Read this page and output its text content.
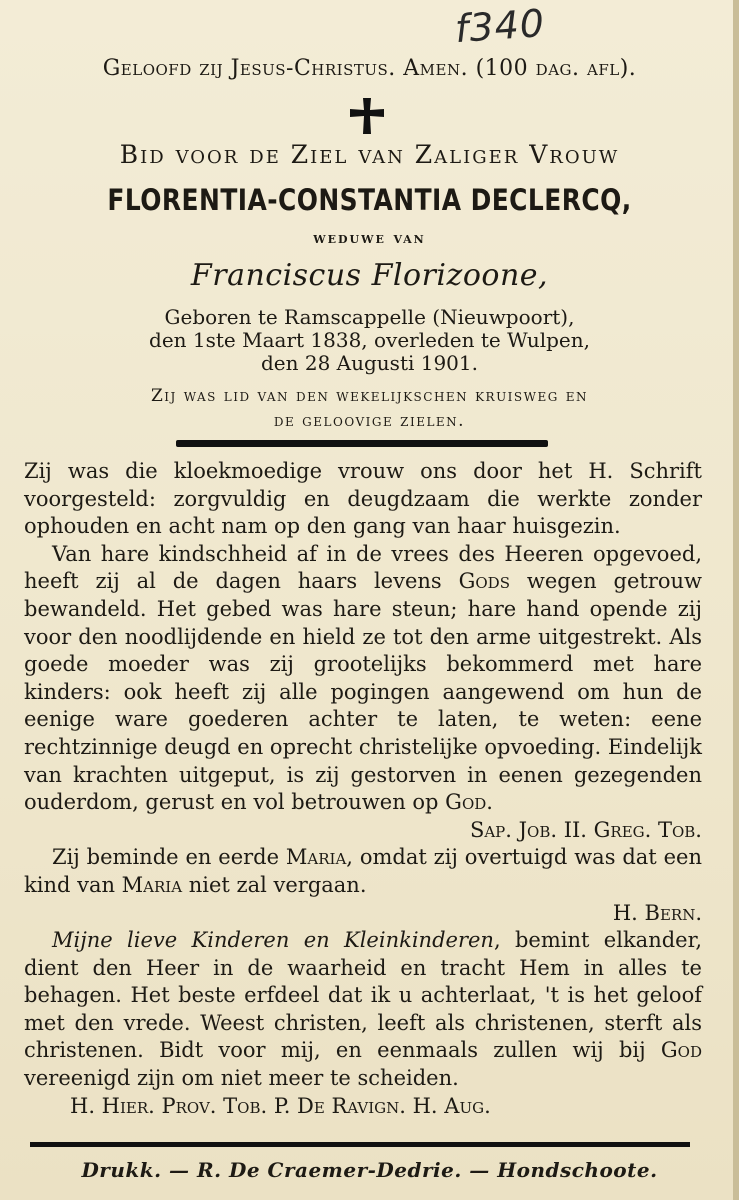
f340
Geloofd zij Jesus-Christus. Amen. (100 dag. afl).
Bid voor de Ziel van Zaliger Vrouw
FLORENTIA-CONSTANTIA DECLERCQ,
weduwe van
Franciscus Florizoone,
Geboren te Ramscappelle (Nieuwpoort),
den 1ste Maart 1838, overleden te Wulpen,
den 28 Augusti 1901.
Zij was lid van den wekelijkschen kruisweg en
de geloovige zielen.

Zij was die kloekmoedige vrouw ons door het H. Schrift voorgesteld: zorgvuldig en deugdzaam die werkte zonder ophouden en acht nam op den gang van haar huisgezin.

Van hare kindschheid af in de vrees des Heeren opgevoed, heeft zij al de dagen haars levens Gods wegen getrouw bewandeld. Het gebed was hare steun; hare hand opende zij voor den noodlijdende en hield ze tot den arme uitgestrekt. Als goede moeder was zij grootelijks bekommerd met hare kinders: ook heeft zij alle pogingen aangewend om hun de eenige ware goederen achter te laten, te weten: eene rechtzinnige deugd en oprecht christelijke opvoeding. Eindelijk van krachten uitgeput, is zij gestorven in eenen gezegenden ouderdom, gerust en vol betrouwen op God.

Sap. Job. II. Greg. Tob.

Zij beminde en eerde Maria, omdat zij overtuigd was dat een kind van Maria niet zal vergaan.

H. Bern.

Mijne lieve Kinderen en Kleinkinderen, bemint elkander, dient den Heer in de waarheid en tracht Hem in alles te behagen. Het beste erfdeel dat ik u achterlaat, 't is het geloof met den vrede. Weest christen, leeft als christenen, sterft als christenen. Bidt voor mij, en eenmaals zullen wij bij God vereenigd zijn om niet meer te scheiden.

H. Hier. Prov. Tob. P. De Ravign. H. Aug.

Drukk. — R. De Craemer-Dedrie. — Hondschoote.
